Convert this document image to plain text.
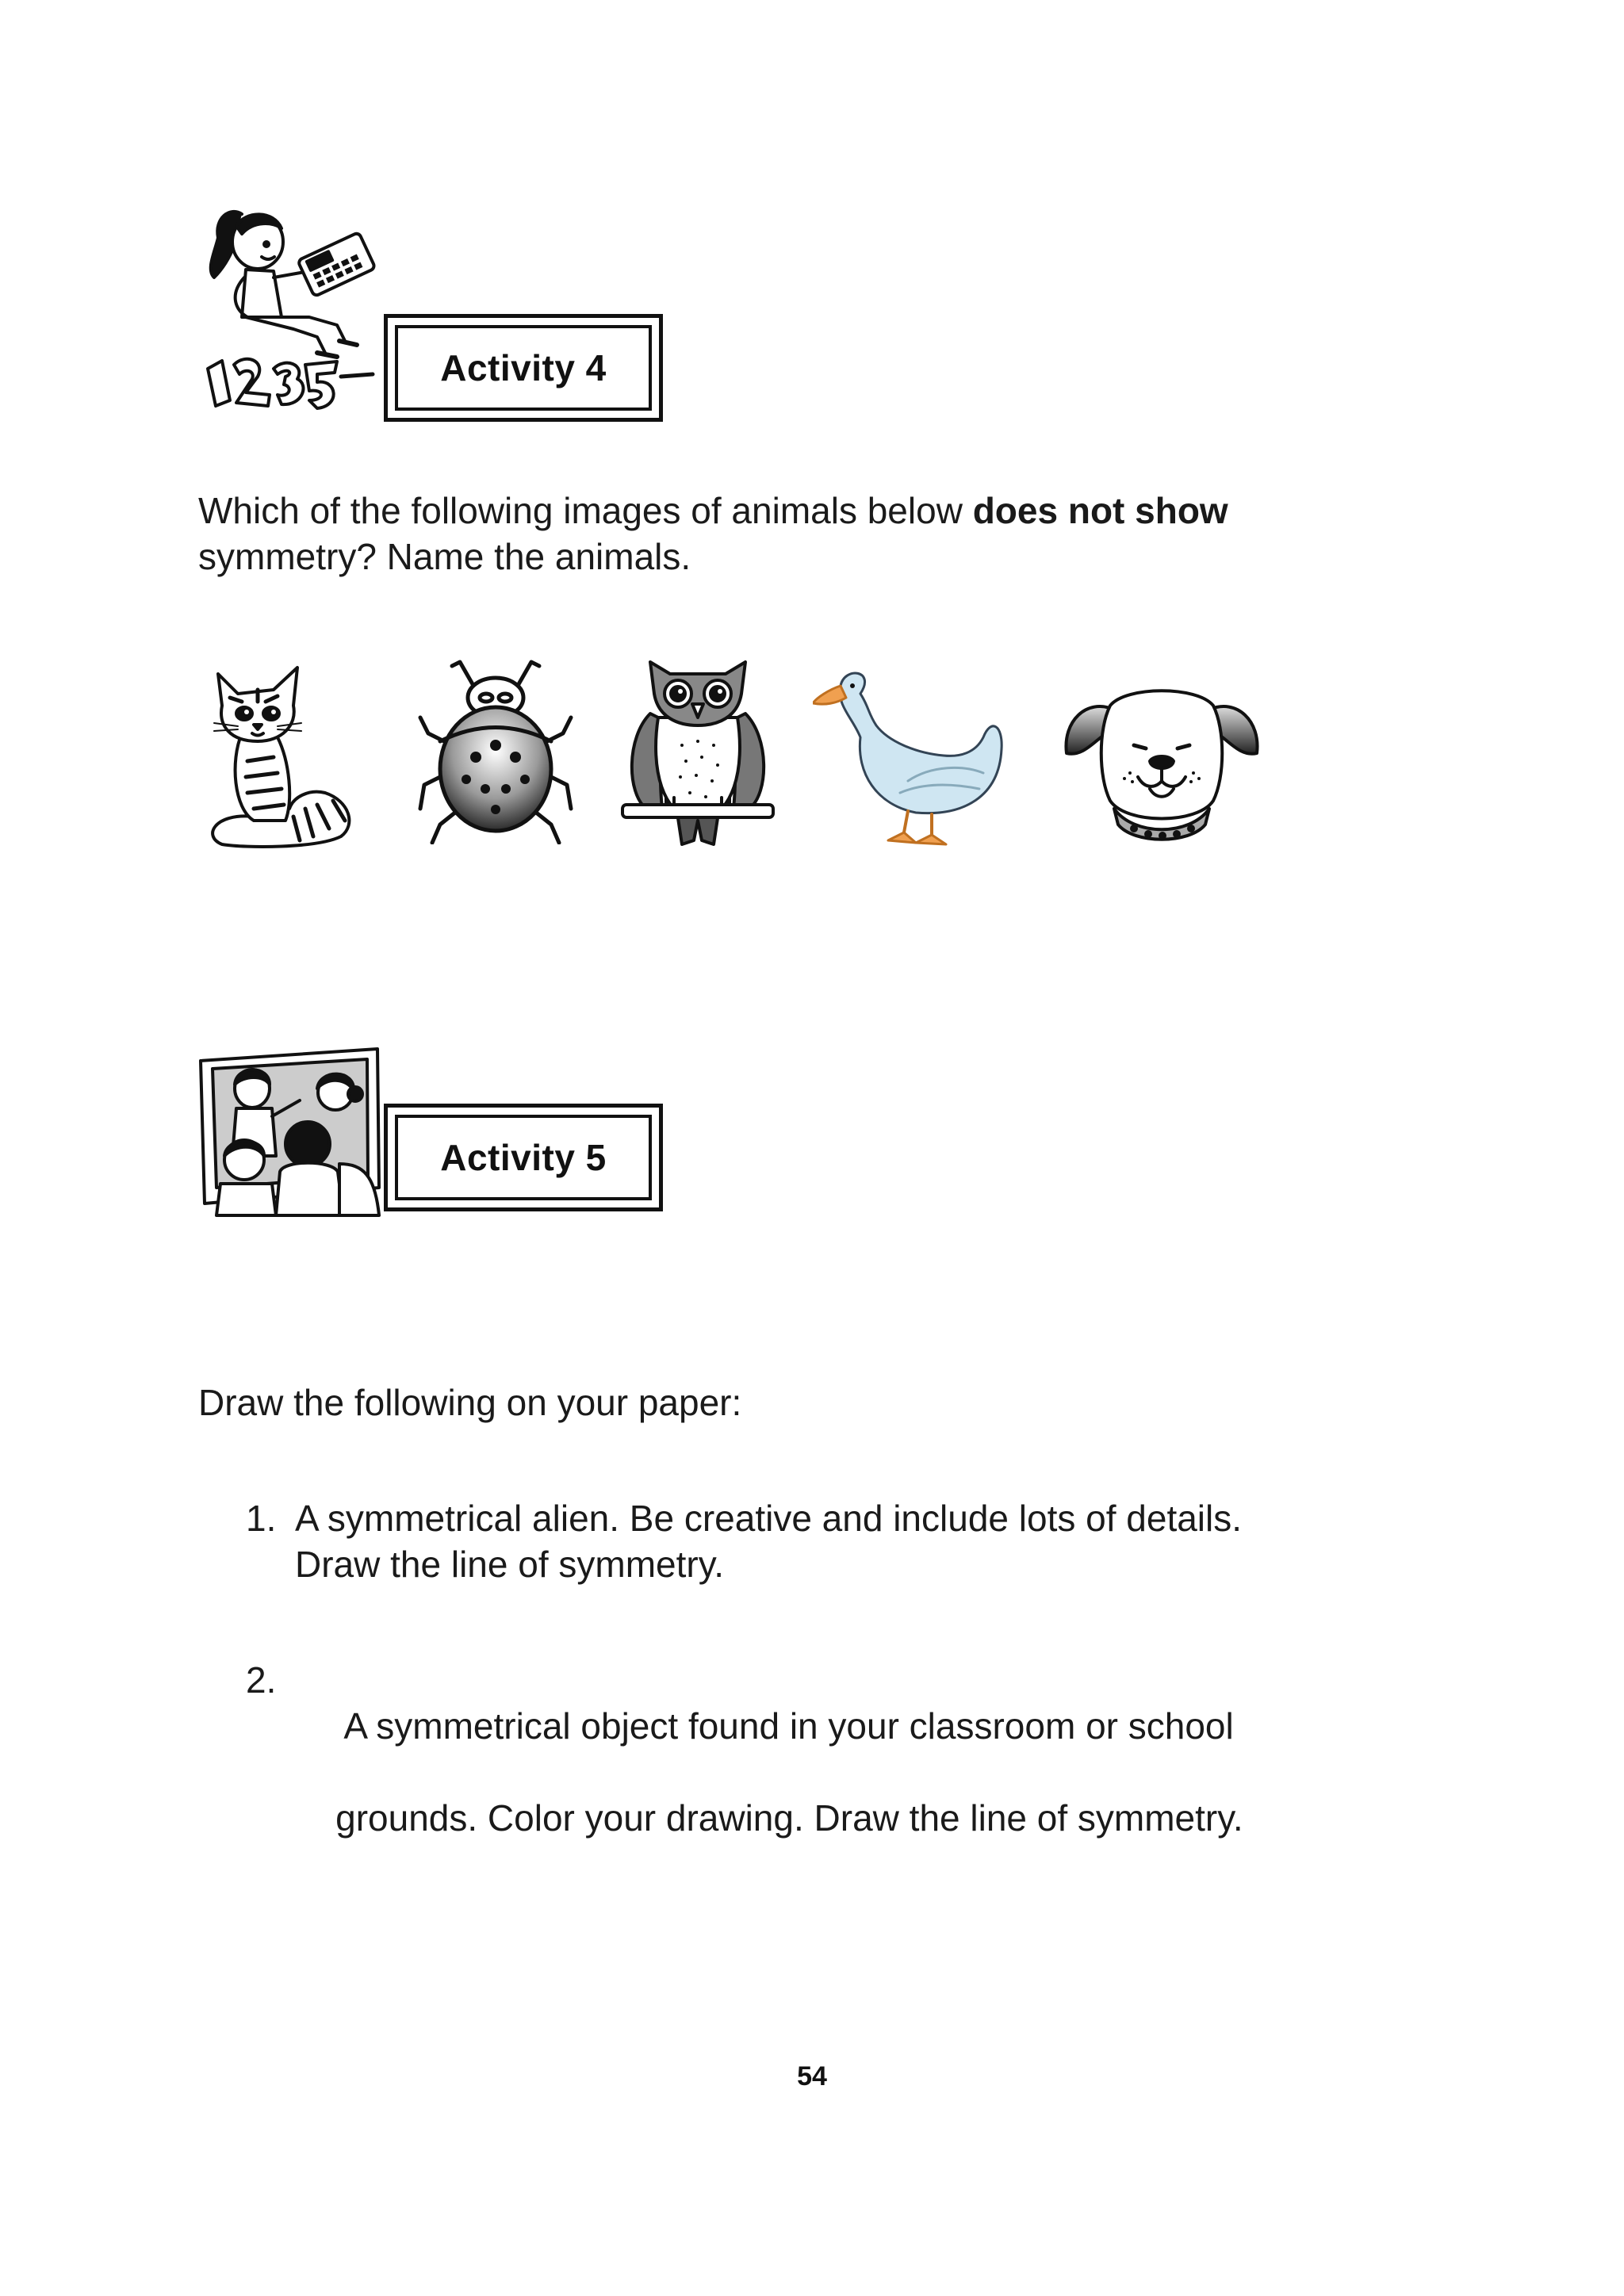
Activity 4
Which of the following images of animals below does not show
symmetry? Name the animals.
Activity 5
Draw the following on your paper:
1. A symmetrical alien. Be creative and include lots of details.
Draw the line of symmetry.
2.

A symmetrical object found in your classroom or school

grounds. Color your drawing. Draw the line of symmetry.

54
